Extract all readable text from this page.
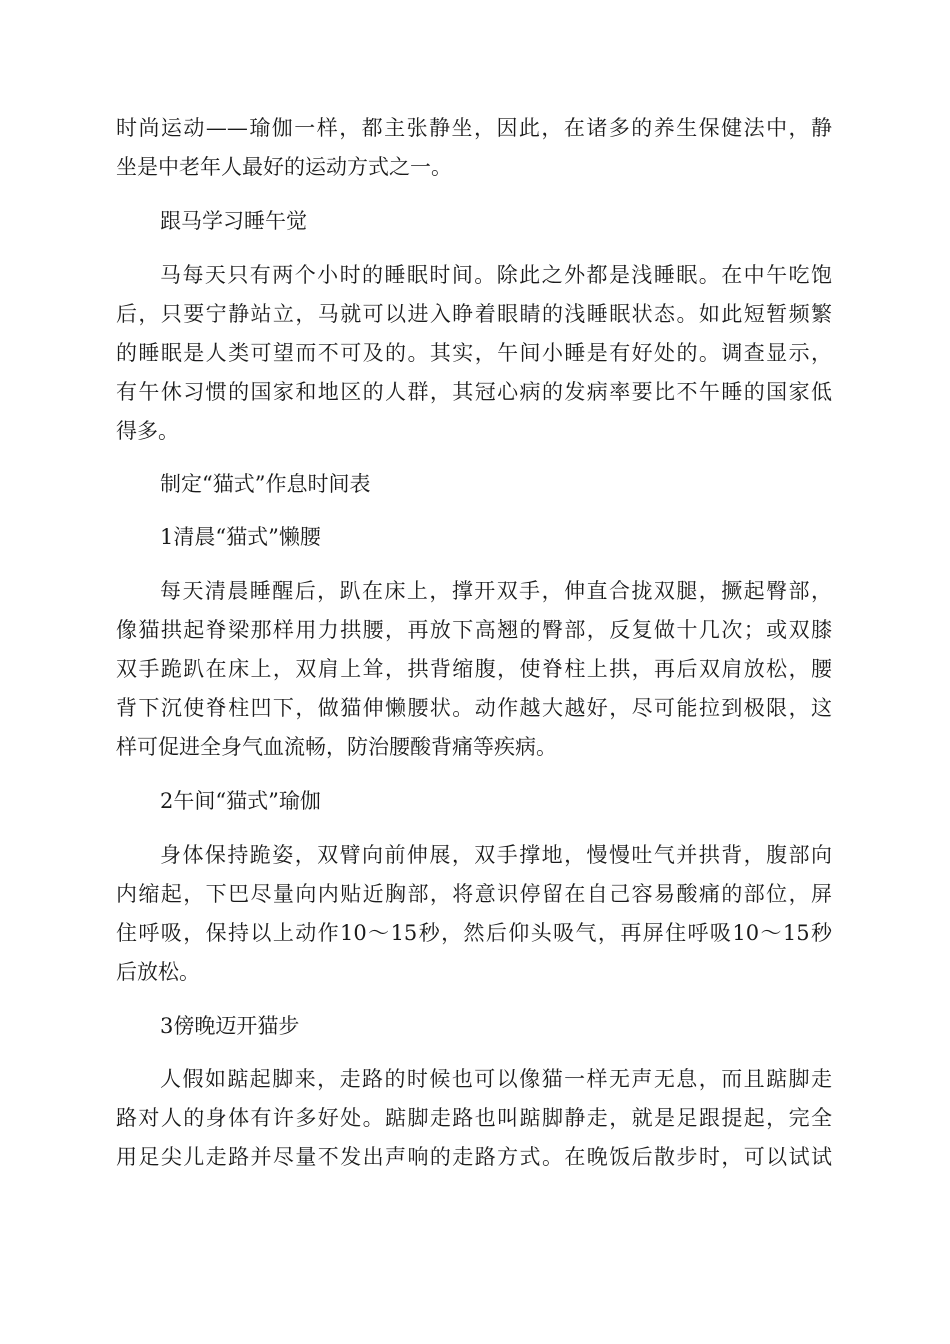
时尚运动——瑜伽一样，都主张静坐，因此，在诸多的养生保健法中，静
坐是中老年人最好的运动方式之一。
跟马学习睡午觉
马每天只有两个小时的睡眠时间。除此之外都是浅睡眠。在中午吃饱
后，只要宁静站立，马就可以进入睁着眼睛的浅睡眠状态。如此短暂频繁
的睡眠是人类可望而不可及的。其实，午间小睡是有好处的。调查显示，
有午休习惯的国家和地区的人群，其冠心病的发病率要比不午睡的国家低
得多。
制定“猫式”作息时间表
1清晨“猫式”懒腰
每天清晨睡醒后，趴在床上，撑开双手，伸直合拢双腿，撅起臀部，
像猫拱起脊梁那样用力拱腰，再放下高翘的臀部，反复做十几次；或双膝
双手跪趴在床上，双肩上耸，拱背缩腹，使脊柱上拱，再后双肩放松，腰
背下沉使脊柱凹下，做猫伸懒腰状。动作越大越好，尽可能拉到极限，这
样可促进全身气血流畅，防治腰酸背痛等疾病。
2午间“猫式”瑜伽
身体保持跪姿，双臂向前伸展，双手撑地，慢慢吐气并拱背，腹部向
内缩起，下巴尽量向内贴近胸部，将意识停留在自己容易酸痛的部位，屏
住呼吸，保持以上动作10～15秒，然后仰头吸气，再屏住呼吸10～15秒
后放松。
3傍晚迈开猫步
人假如踮起脚来，走路的时候也可以像猫一样无声无息，而且踮脚走
路对人的身体有许多好处。踮脚走路也叫踮脚静走，就是足跟提起，完全
用足尖儿走路并尽量不发出声响的走路方式。在晚饭后散步时，可以试试
